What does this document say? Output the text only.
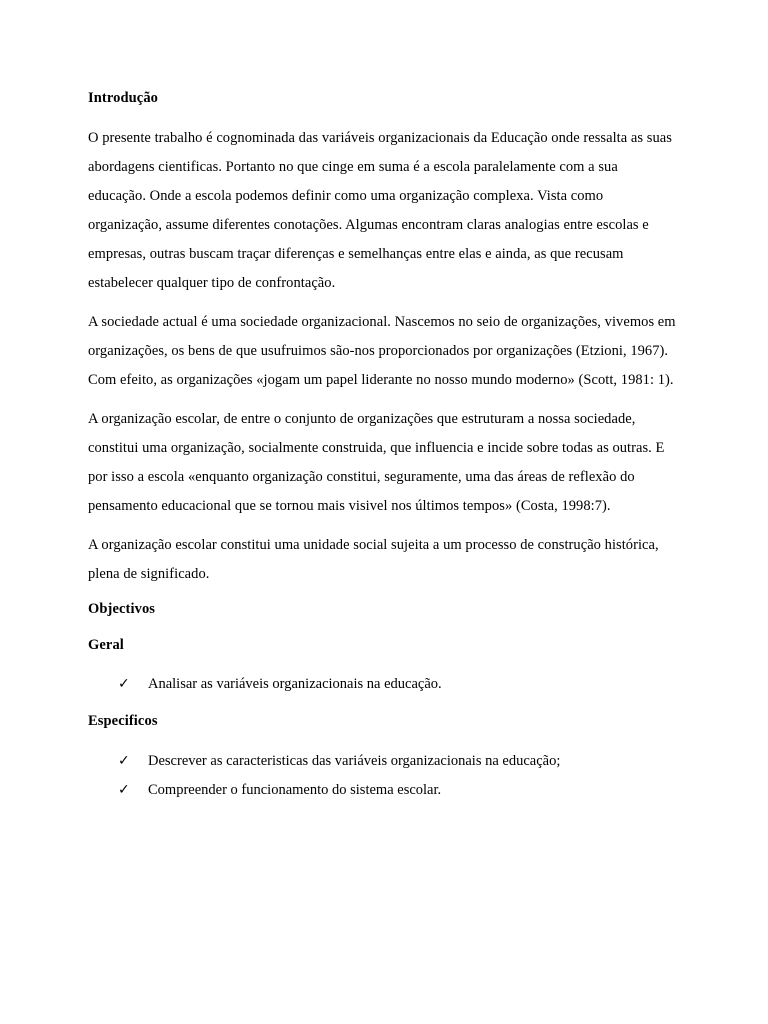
Introdução

O presente trabalho é cognominada das variáveis organizacionais da Educação onde ressalta as suas abordagens cientificas. Portanto no que cinge em suma é a escola paralelamente com a sua educação. Onde a escola podemos definir como uma organização complexa. Vista como organização, assume diferentes conotações. Algumas encontram claras analogias entre escolas e empresas, outras buscam traçar diferenças e semelhanças entre elas e ainda, as que recusam estabelecer qualquer tipo de confrontação.

A sociedade actual é uma sociedade organizacional. Nascemos no seio de organizações, vivemos em organizações, os bens de que usufruimos são-nos proporcionados por organizações (Etzioni, 1967). Com efeito, as organizações «jogam um papel liderante no nosso mundo moderno» (Scott, 1981: 1).

A organização escolar, de entre o conjunto de organizações que estruturam a nossa sociedade, constitui uma organização, socialmente construida, que influencia e incide sobre todas as outras. E por isso a escola «enquanto organização constitui, seguramente, uma das áreas de reflexão do pensamento educacional que se tornou mais visivel nos últimos tempos» (Costa, 1998:7).

A organização escolar constitui uma unidade social sujeita a um processo de construção histórica, plena de significado.

Objectivos
Geral
✓ Analisar as variáveis organizacionais na educação.
Especificos
✓ Descrever as caracteristicas das variáveis organizacionais na educação;
✓ Compreender o funcionamento do sistema escolar.
